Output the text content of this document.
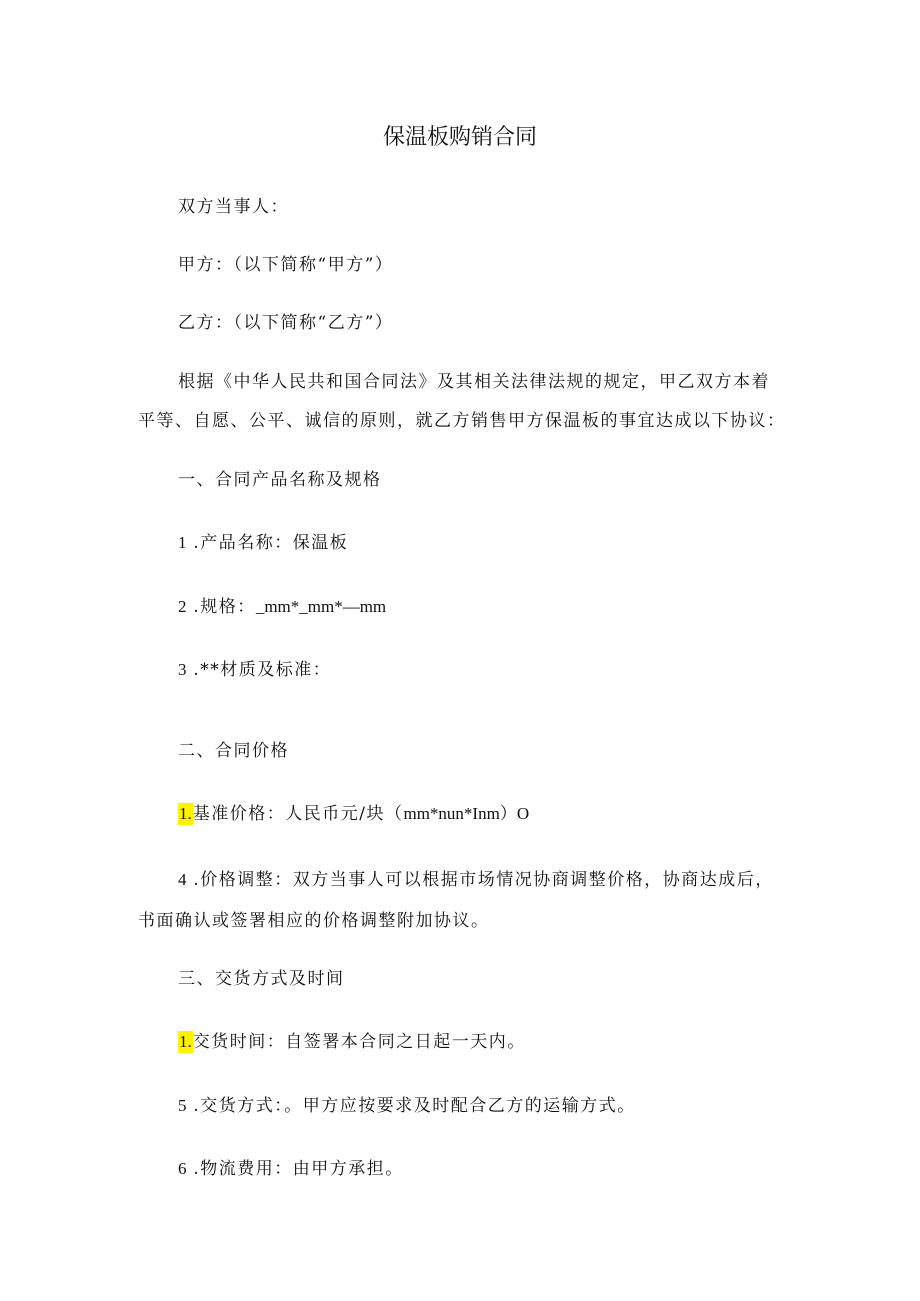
保温板购销合同
双方当事人：
甲方：（以下简称“甲方”）
乙方：（以下简称“乙方”）
根据《中华人民共和国合同法》及其相关法律法规的规定，甲乙双方本着
平等、自愿、公平、诚信的原则，就乙方销售甲方保温板的事宜达成以下协议：
一、合同产品名称及规格
1 .产品名称：保温板
2 .规格：_mm*_mm*—mm
3 .**材质及标准：
二、合同价格
1.基准价格：人民币元/块（mm*nun*Inm）O
4 .价格调整：双方当事人可以根据市场情况协商调整价格，协商达成后，
书面确认或签署相应的价格调整附加协议。
三、交货方式及时间
1.交货时间：自签署本合同之日起一天内。
5 .交货方式：。甲方应按要求及时配合乙方的运输方式。
6 .物流费用：由甲方承担。
